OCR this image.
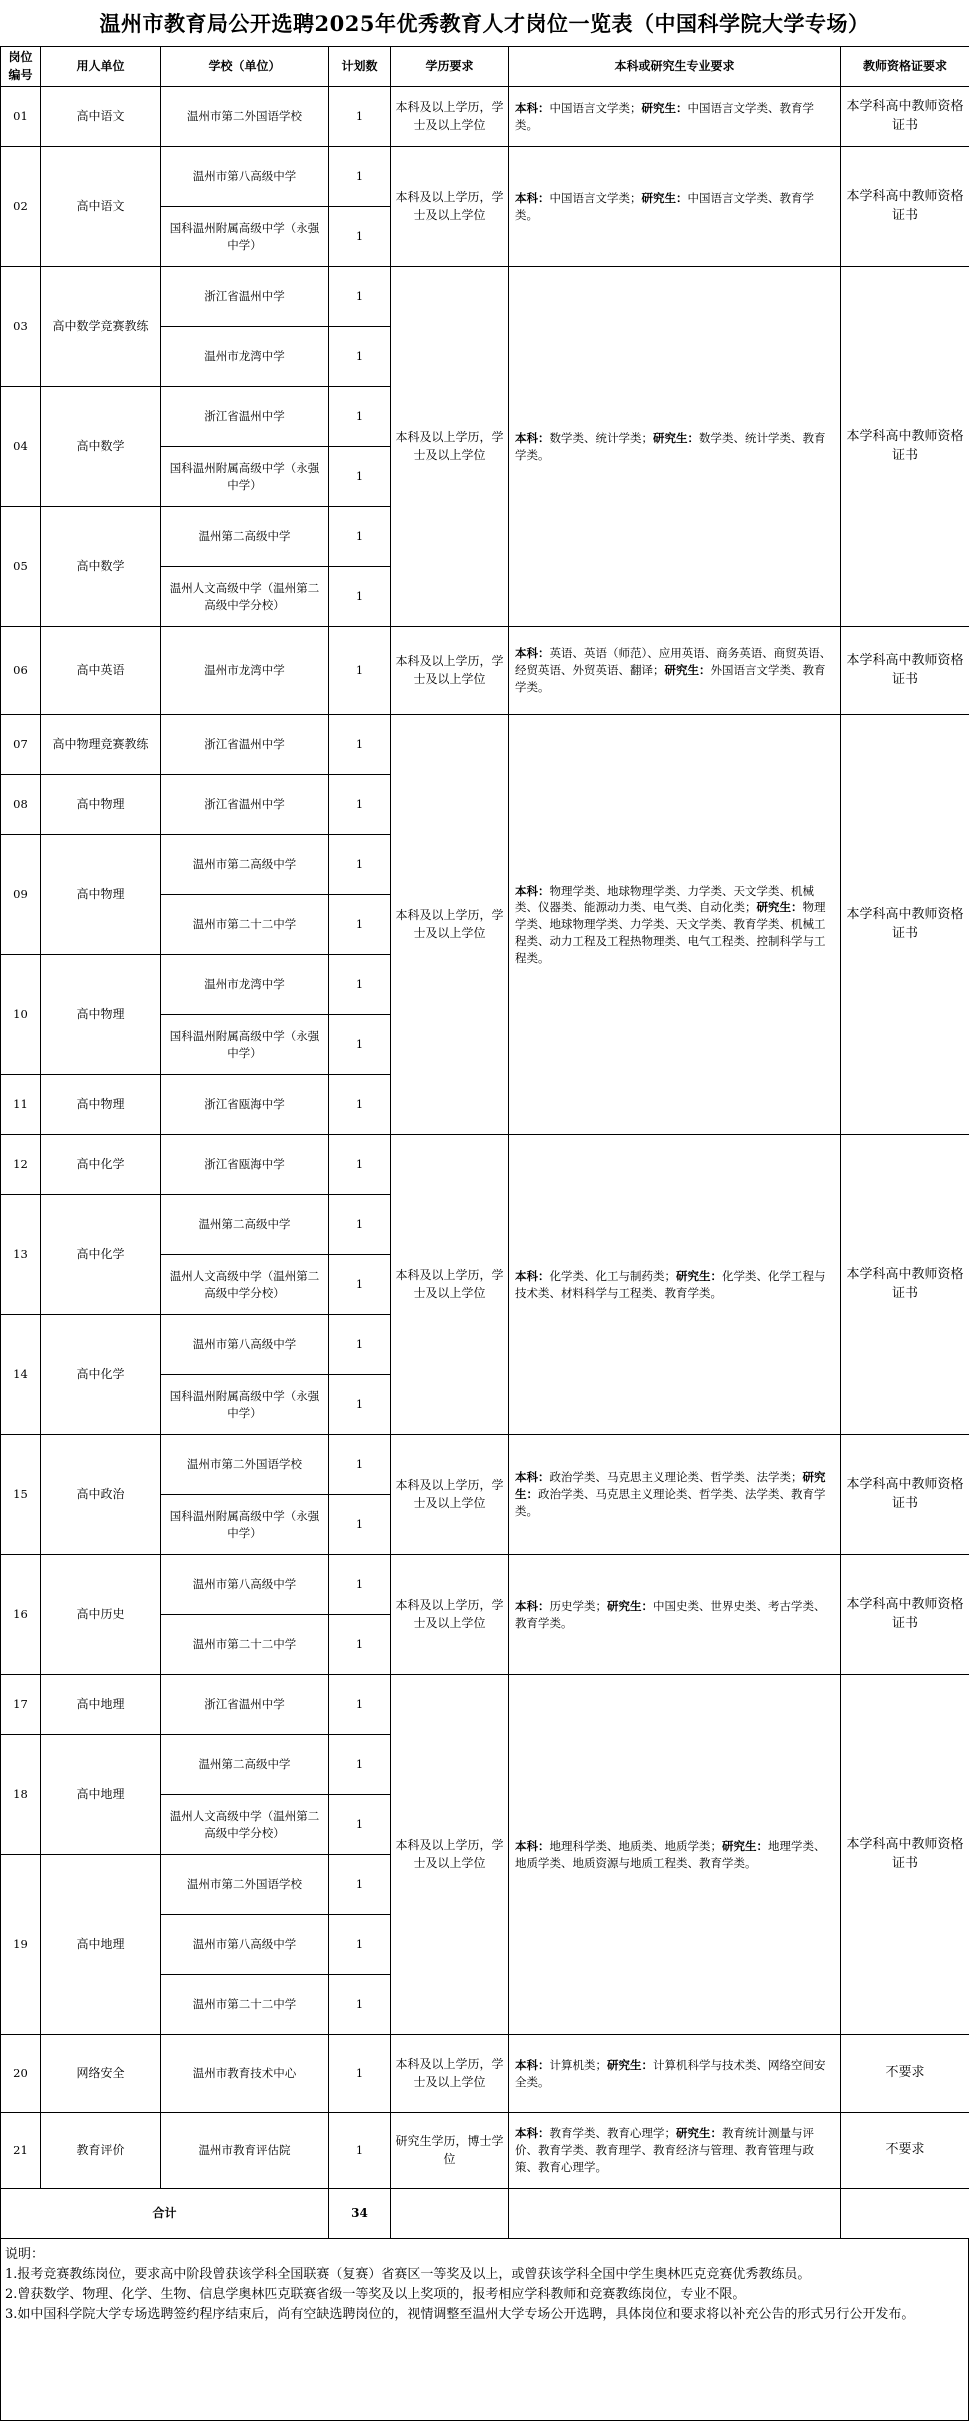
温州市教育局公开选聘2025年优秀教育人才岗位一览表（中国科学院大学专场）
岗位编号	用人单位	学校（单位）	计划数	学历要求	本科或研究生专业要求	教师资格证要求
01	高中语文	温州市第二外国语学校	1	本科及以上学历，学士及以上学位	本科：中国语言文学类；研究生：中国语言文学类、教育学类。	本学科高中教师资格证书
02	高中语文	温州市第八高级中学	1	本科及以上学历，学士及以上学位	本科：中国语言文学类；研究生：中国语言文学类、教育学类。	本学科高中教师资格证书
		国科温州附属高级中学（永强中学）	1			
03	高中数学竞赛教练	浙江省温州中学	1	本科及以上学历，学士及以上学位	本科：数学类、统计学类；研究生：数学类、统计学类、教育学类。	本学科高中教师资格证书
		温州市龙湾中学	1			
04	高中数学	浙江省温州中学	1			
		国科温州附属高级中学（永强中学）	1			
05	高中数学	温州第二高级中学	1			
		温州人文高级中学（温州第二高级中学分校）	1			
06	高中英语	温州市龙湾中学	1	本科及以上学历，学士及以上学位	本科：英语、英语（师范）、应用英语、商务英语、商贸英语、经贸英语、外贸英语、翻译；研究生：外国语言文学类、教育学类。	本学科高中教师资格证书
07	高中物理竞赛教练	浙江省温州中学	1	本科及以上学历，学士及以上学位	本科：物理学类、地球物理学类、力学类、天文学类、机械类、仪器类、能源动力类、电气类、自动化类；研究生：物理学类、地球物理学类、力学类、天文学类、教育学类、机械工程类、动力工程及工程热物理类、电气工程类、控制科学与工程类。	本学科高中教师资格证书
08	高中物理	浙江省温州中学	1			
09	高中物理	温州市第二高级中学	1			
		温州市第二十二中学	1			
10	高中物理	温州市龙湾中学	1			
		国科温州附属高级中学（永强中学）	1			
11	高中物理	浙江省瓯海中学	1			
12	高中化学	浙江省瓯海中学	1	本科及以上学历，学士及以上学位	本科：化学类、化工与制药类；研究生：化学类、化学工程与技术类、材料科学与工程类、教育学类。	本学科高中教师资格证书
13	高中化学	温州第二高级中学	1			
		温州人文高级中学（温州第二高级中学分校）	1			
14	高中化学	温州市第八高级中学	1			
		国科温州附属高级中学（永强中学）	1			
15	高中政治	温州市第二外国语学校	1	本科及以上学历，学士及以上学位	本科：政治学类、马克思主义理论类、哲学类、法学类；研究生：政治学类、马克思主义理论类、哲学类、法学类、教育学类。	本学科高中教师资格证书
		国科温州附属高级中学（永强中学）	1			
16	高中历史	温州市第八高级中学	1	本科及以上学历，学士及以上学位	本科：历史学类；研究生：中国史类、世界史类、考古学类、教育学类。	本学科高中教师资格证书
		温州市第二十二中学	1			
17	高中地理	浙江省温州中学	1	本科及以上学历，学士及以上学位	本科：地理科学类、地质类、地质学类；研究生：地理学类、地质学类、地质资源与地质工程类、教育学类。	本学科高中教师资格证书
18	高中地理	温州第二高级中学	1			
		温州人文高级中学（温州第二高级中学分校）	1			
19	高中地理	温州市第二外国语学校	1			
		温州市第八高级中学	1			
		温州市第二十二中学	1			
20	网络安全	温州市教育技术中心	1	本科及以上学历，学士及以上学位	本科：计算机类；研究生：计算机科学与技术类、网络空间安全类。	不要求
21	教育评价	温州市教育评估院	1	研究生学历，博士学位	本科：教育学类、教育心理学；研究生：教育统计测量与评价、教育学类、教育理学、教育经济与管理、教育管理与政策、教育心理学。	不要求
合计			34			

说明：

1.报考竞赛教练岗位，要求高中阶段曾获该学科全国联赛（复赛）省赛区一等奖及以上，或曾获该学科全国中学生奥林匹克竞赛优秀教练员。

2.曾获数学、物理、化学、生物、信息学奥林匹克联赛省级一等奖及以上奖项的，报考相应学科教师和竞赛教练岗位，专业不限。

3.如中国科学院大学专场选聘签约程序结束后，尚有空缺选聘岗位的，视情调整至温州大学专场公开选聘，具体岗位和要求将以补充公告的形式另行公开发布。
